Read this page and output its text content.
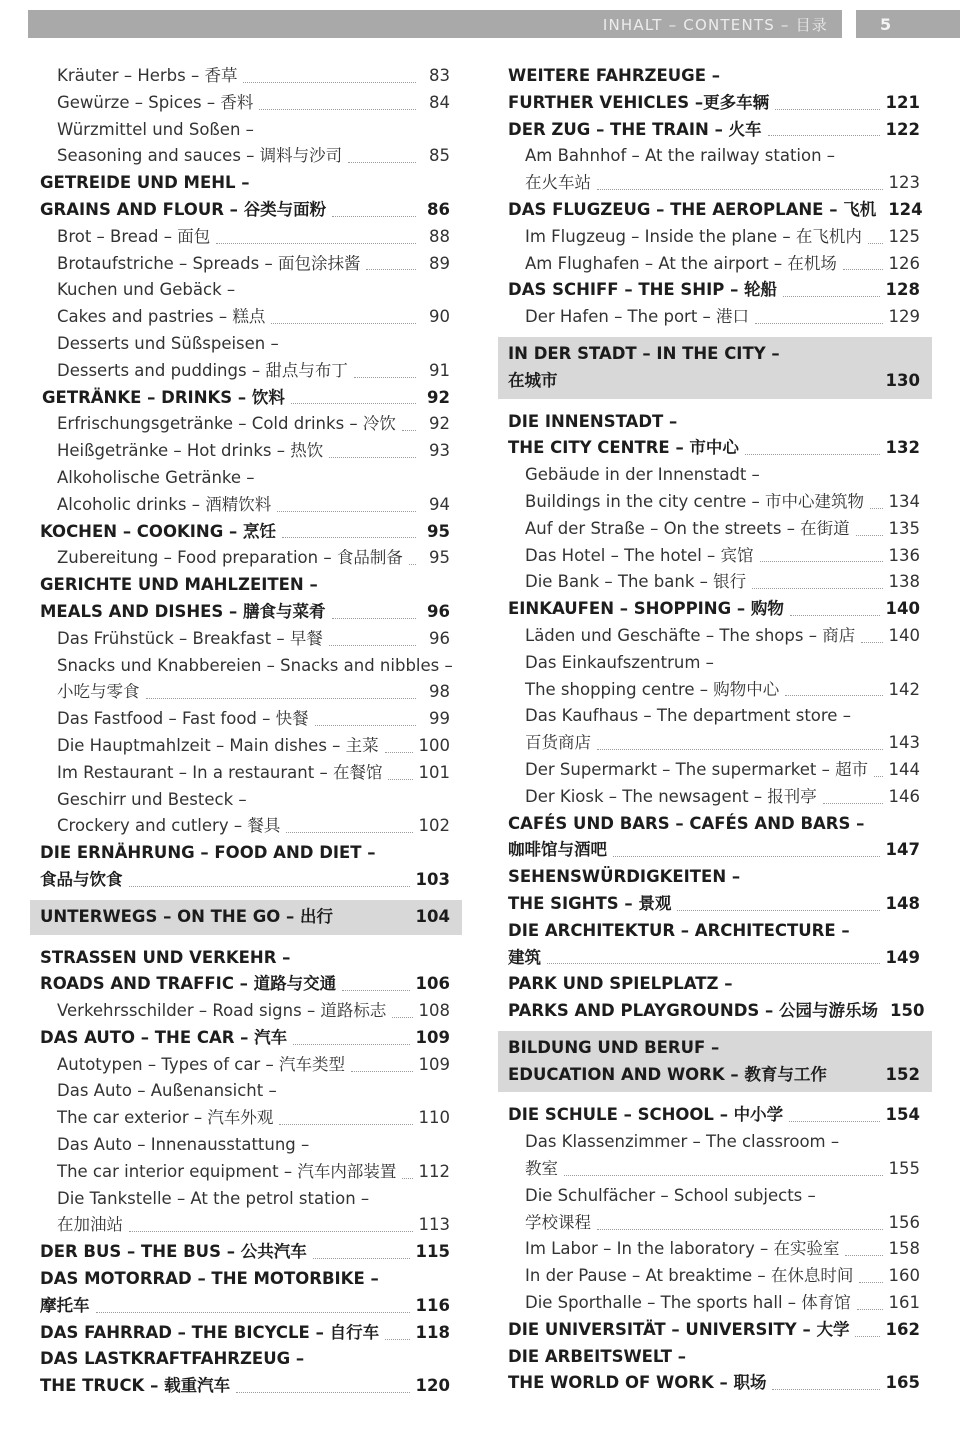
INHALT – CONTENTS – 目录	5
Kräuter – Herbs – 香草	83
Gewürze – Spices – 香料	84
Würzmittel und Soßen –
Seasoning and sauces – 调料与沙司	85
GETREIDE UND MEHL –
GRAINS AND FLOUR – 谷类与面粉	86
Brot – Bread – 面包	88
Brotaufstriche – Spreads – 面包涂抹酱	89
Kuchen und Gebäck –
Cakes and pastries – 糕点	90
Desserts und Süßspeisen –
Desserts and puddings – 甜点与布丁	91
GETRÄNKE – DRINKS – 饮料	92
Erfrischungsgetränke – Cold drinks – 冷饮	92
Heißgetränke – Hot drinks – 热饮	93
Alkoholische Getränke –
Alcoholic drinks – 酒精饮料	94
KOCHEN – COOKING – 烹饪	95
Zubereitung – Food preparation – 食品制备	95
GERICHTE UND MAHLZEITEN –
MEALS AND DISHES – 膳食与菜肴	96
Das Frühstück – Breakfast – 早餐	96
Snacks und Knabbereien – Snacks and nibbles –
小吃与零食	98
Das Fastfood – Fast food – 快餐	99
Die Hauptmahlzeit – Main dishes – 主菜 100
Im Restaurant – In a restaurant – 在餐馆 101
Geschirr und Besteck –
Crockery and cutlery – 餐具	102
DIE ERNÄHRUNG – FOOD AND DIET –
食品与饮食	103
UNTERWEGS – ON THE GO – 出行	104
STRASSEN UND VERKEHR –
ROADS AND TRAFFIC – 道路与交通	106
Verkehrsschilder – Road signs – 道路标志 108
DAS AUTO – THE CAR – 汽车	109
Autotypen – Types of car – 汽车类型	109
Das Auto – Außenansicht –
The car exterior – 汽车外观	110
Das Auto – Innenausstattung –
The car interior equipment – 汽车内部装置 112
Die Tankstelle – At the petrol station –
在加油站	113
DER BUS – THE BUS – 公共汽车	115
DAS MOTORRAD – THE MOTORBIKE –
摩托车	116
DAS FAHRRAD – THE BICYCLE – 自行车 118
DAS LASTKRAFTFAHRZEUG –
THE TRUCK – 载重汽车	120
WEITERE FAHRZEUGE –
FURTHER VEHICLES –更多车辆	121
DER ZUG – THE TRAIN – 火车	122
Am Bahnhof – At the railway station –
在火车站	123
DAS FLUGZEUG – THE AEROPLANE – 飞机 124
Im Flugzeug – Inside the plane – 在飞机内 125
Am Flughafen – At the airport – 在机场	126
DAS SCHIFF – THE SHIP – 轮船	128
Der Hafen – The port – 港口	129
IN DER STADT – IN THE CITY –
在城市	130
DIE INNENSTADT –
THE CITY CENTRE – 市中心	132
Gebäude in der Innenstadt –
Buildings in the city centre – 市中心建筑物 134
Auf der Straße – On the streets – 在街道 135
Das Hotel – The hotel – 宾馆	136
Die Bank – The bank – 银行	138
EINKAUFEN – SHOPPING – 购物	140
Läden und Geschäfte – The shops – 商店 140
Das Einkaufszentrum –
The shopping centre – 购物中心	142
Das Kaufhaus – The department store –
百货商店	143
Der Supermarkt – The supermarket – 超市 144
Der Kiosk – The newsagent – 报刊亭	146
CAFÉS UND BARS – CAFÉS AND BARS –
咖啡馆与酒吧	147
SEHENSWÜRDIGKEITEN –
THE SIGHTS – 景观	148
DIE ARCHITEKTUR – ARCHITECTURE –
建筑	149
PARK UND SPIELPLATZ –
PARKS AND PLAYGROUNDS – 公园与游乐场 150
BILDUNG UND BERUF –
EDUCATION AND WORK – 教育与工作	152
DIE SCHULE – SCHOOL – 中小学	154
Das Klassenzimmer – The classroom –
教室	155
Die Schulfächer – School subjects –
学校课程	156
Im Labor – In the laboratory – 在实验室	158
In der Pause – At breaktime – 在休息时间 160
Die Sporthalle – The sports hall – 体育馆 161
DIE UNIVERSITÄT – UNIVERSITY – 大学 162
DIE ARBEITSWELT –
THE WORLD OF WORK – 职场	165
